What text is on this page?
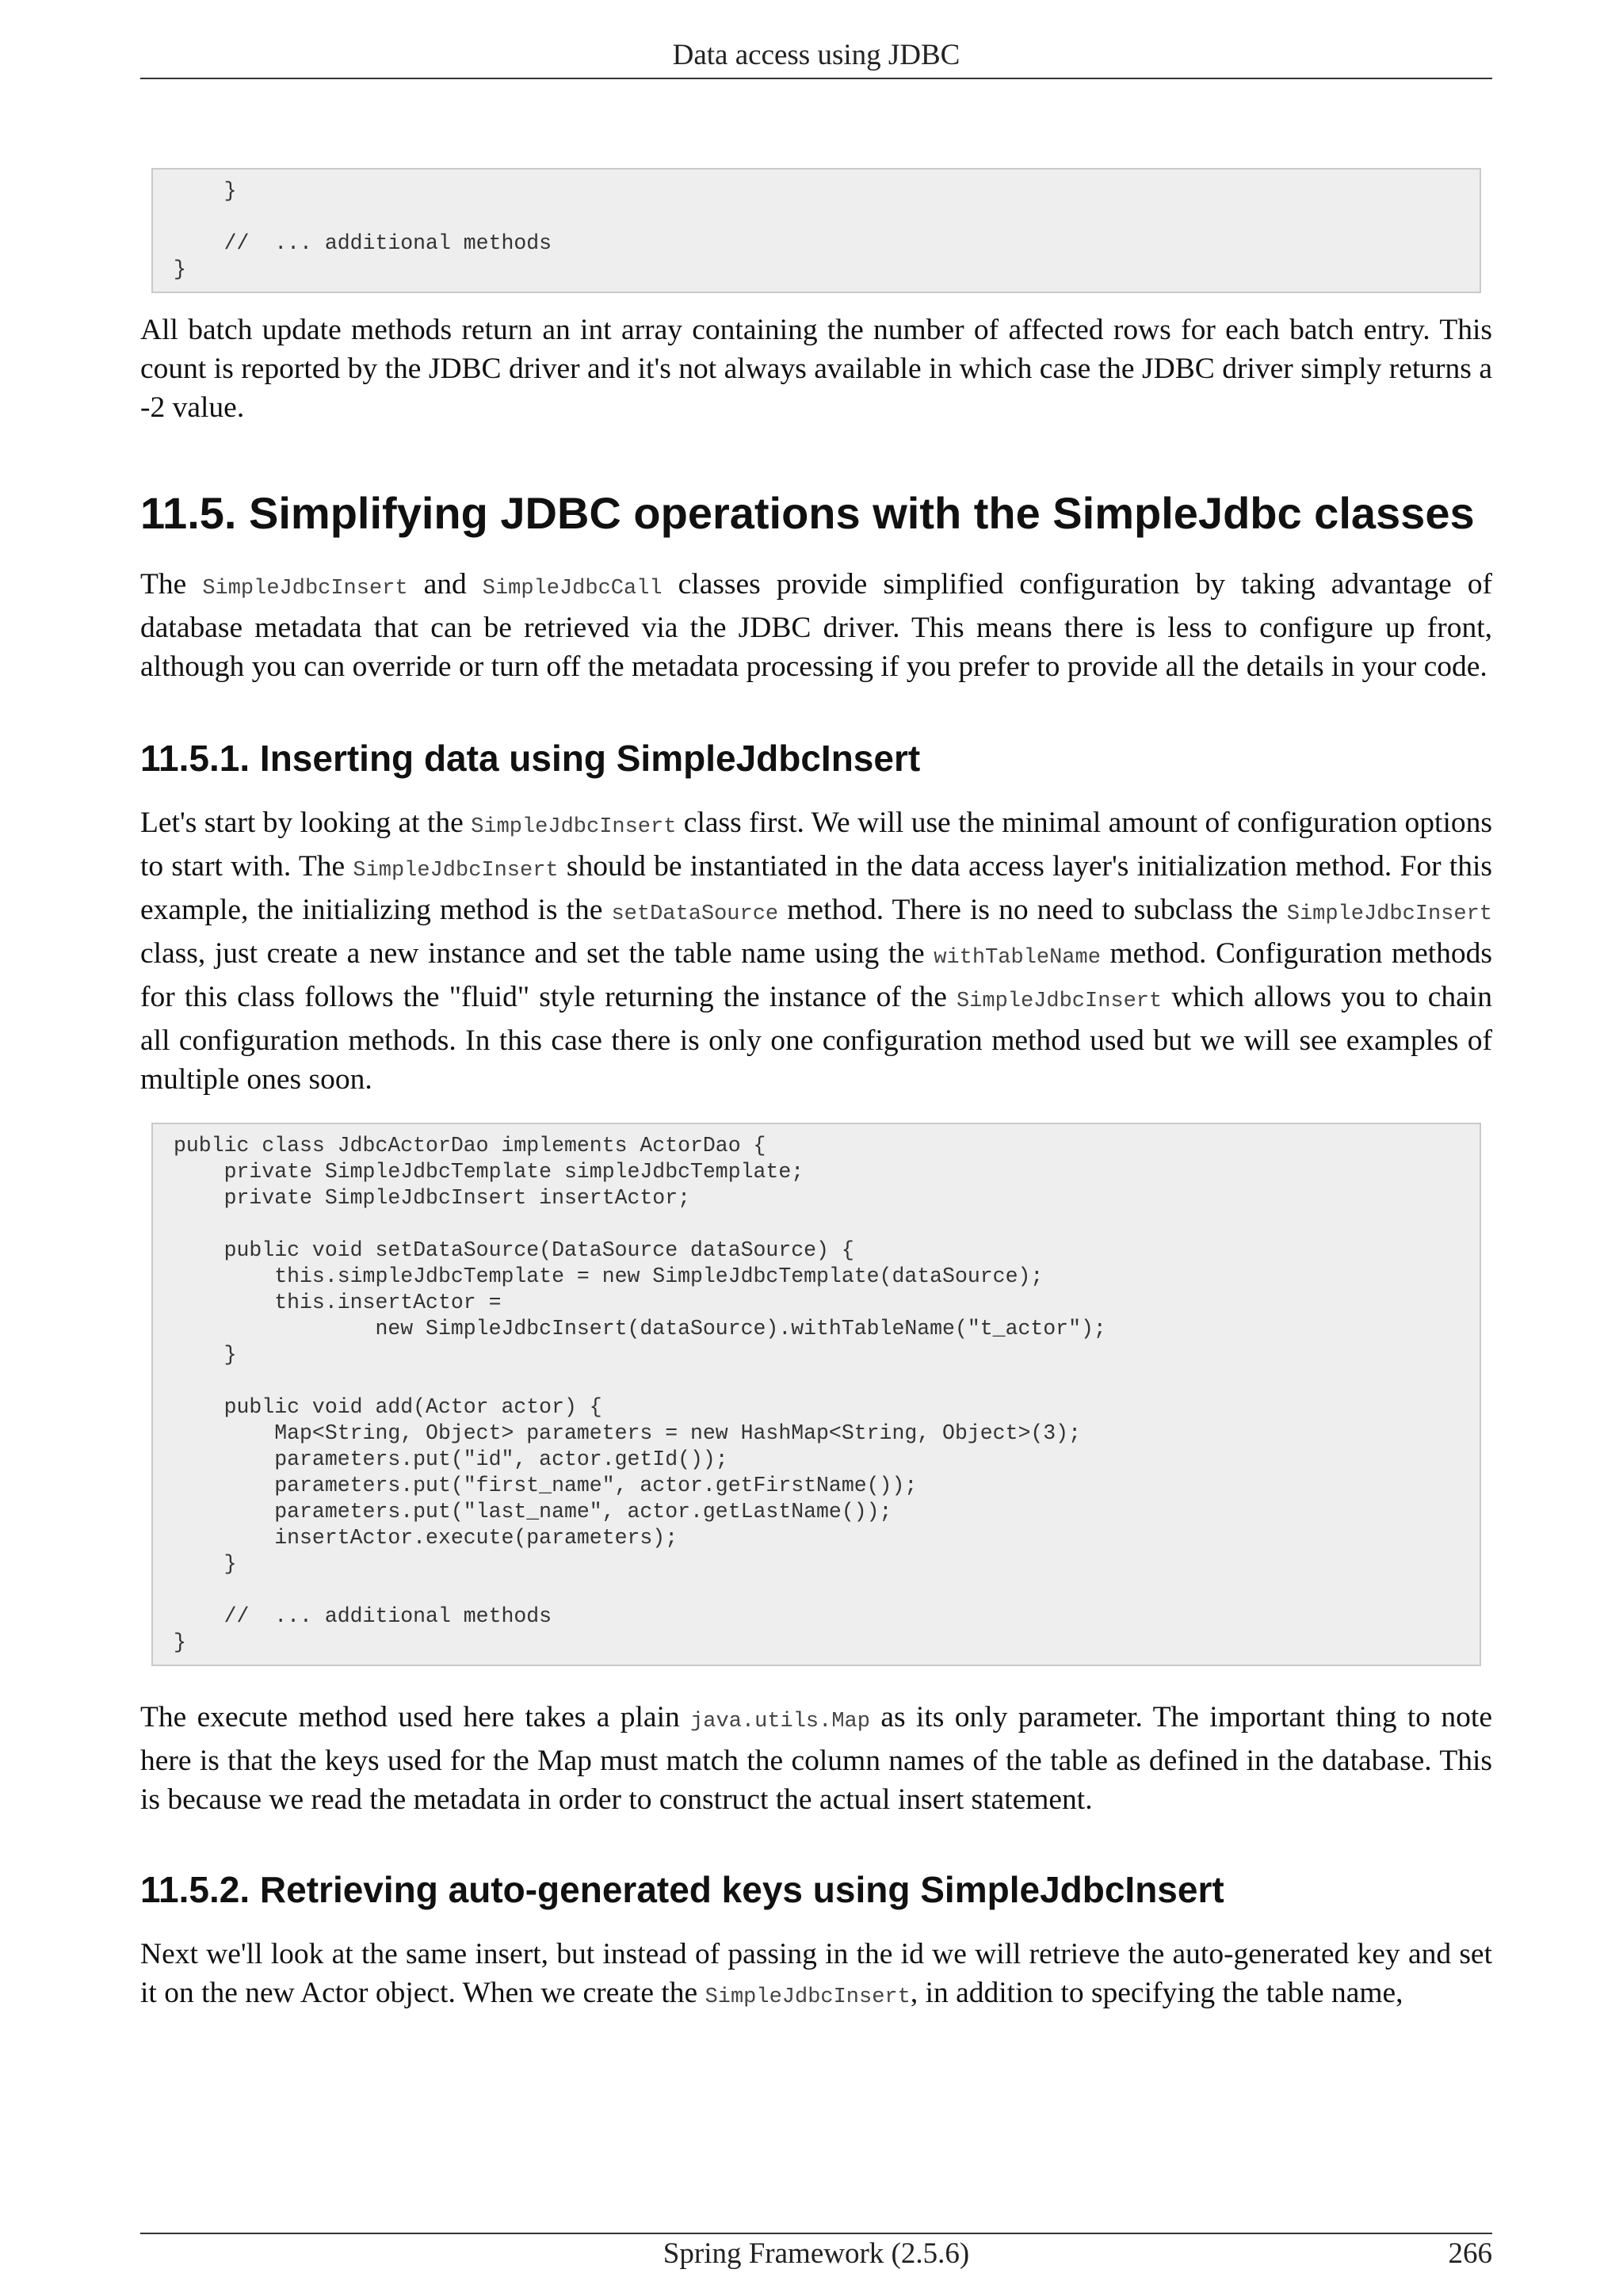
Data access using JDBC
}

//  ... additional methods
}

All batch update methods return an int array containing the number of affected rows for each batch entry. This count is reported by the JDBC driver and it's not always available in which case the JDBC driver simply returns a -2 value.

11.5. Simplifying JDBC operations with the SimpleJdbc classes

The SimpleJdbcInsert and SimpleJdbcCall classes provide simplified configuration by taking advantage of database metadata that can be retrieved via the JDBC driver. This means there is less to configure up front, although you can override or turn off the metadata processing if you prefer to provide all the details in your code.

11.5.1. Inserting data using SimpleJdbcInsert

Let's start by looking at the SimpleJdbcInsert class first. We will use the minimal amount of configuration options to start with. The SimpleJdbcInsert should be instantiated in the data access layer's initialization method. For this example, the initializing method is the setDataSource method. There is no need to subclass the SimpleJdbcInsert class, just create a new instance and set the table name using the withTableName method. Configuration methods for this class follows the "fluid" style returning the instance of the SimpleJdbcInsert which allows you to chain all configuration methods. In this case there is only one configuration method used but we will see examples of multiple ones soon.

public class JdbcActorDao implements ActorDao {
private SimpleJdbcTemplate simpleJdbcTemplate;
private SimpleJdbcInsert insertActor;

public void setDataSource(DataSource dataSource) {
this.simpleJdbcTemplate = new SimpleJdbcTemplate(dataSource);
this.insertActor =
new SimpleJdbcInsert(dataSource).withTableName("t_actor");
}

public void add(Actor actor) {
Map<String, Object> parameters = new HashMap<String, Object>(3);
parameters.put("id", actor.getId());
parameters.put("first_name", actor.getFirstName());
parameters.put("last_name", actor.getLastName());
insertActor.execute(parameters);
}

//  ... additional methods
}

The execute method used here takes a plain java.utils.Map as its only parameter. The important thing to note here is that the keys used for the Map must match the column names of the table as defined in the database. This is because we read the metadata in order to construct the actual insert statement.

11.5.2. Retrieving auto-generated keys using SimpleJdbcInsert

Next we'll look at the same insert, but instead of passing in the id we will retrieve the auto-generated key and set it on the new Actor object. When we create the SimpleJdbcInsert, in addition to specifying the table name,

Spring Framework (2.5.6)	266
